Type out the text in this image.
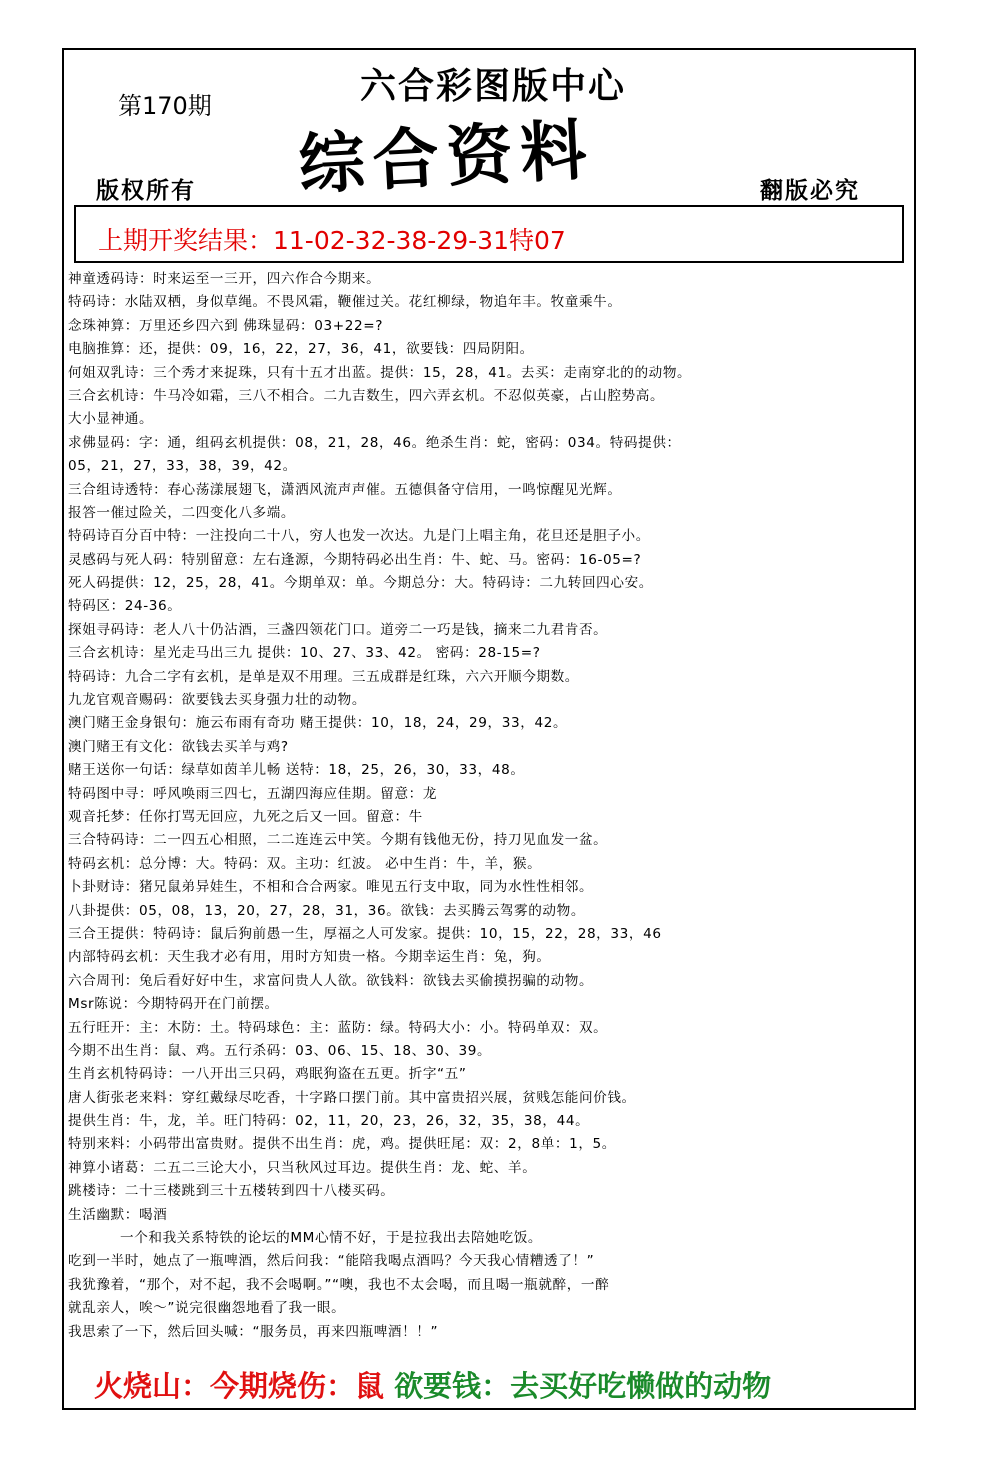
第170期	六合彩图版中心
综合资料
版权所有	翻版必究
上期开奖结果：11-02-32-38-29-31特07
神童透码诗：时来运至一三开，四六作合今期来。
特码诗：水陆双栖，身似草绳。不畏风霜，鞭催过关。花红柳绿，物追年丰。牧童乘牛。
念珠神算：万里还乡四六到 佛珠显码：03+22=?
电脑推算：还，提供：09，16，22，27，36，41，欲要钱：四局阴阳。
何姐双乳诗：三个秀才来捉珠，只有十五才出蓝。提供：15，28，41。去买：走南穿北的的动物。
三合玄机诗：牛马冷如霜，三八不相合。二九吉数生，四六弄玄机。不忍似英豪，占山腔势高。
大小显神通。
求佛显码：字：通，组码玄机提供：08，21，28，46。绝杀生肖：蛇，密码：034。特码提供：
05，21，27，33，38，39，42。
三合组诗透特：春心荡漾展翅飞，潇洒风流声声催。五德俱备守信用，一鸣惊醒见光辉。
报答一催过险关，二四变化八多端。
特码诗百分百中特：一注投向二十八，穷人也发一次达。九是门上唱主角，花旦还是胆子小。
灵感码与死人码：特别留意：左右逢源，今期特码必出生肖：牛、蛇、马。密码：16-05=?
死人码提供：12，25，28，41。今期单双：单。今期总分：大。特码诗：二九转回四心安。
特码区：24-36。
探姐寻码诗：老人八十仍沾酒，三盏四领花门口。道旁二一巧是钱，摘来二九君肯否。
三合玄机诗：星光走马出三九 提供：10、27、33、42。 密码：28-15=?
特码诗：九合二字有玄机，是单是双不用理。三五成群是红珠，六六开顺今期数。
九龙官观音赐码：欲要钱去买身强力壮的动物。
澳门赌王金身银句：施云布雨有奇功 赌王提供：10，18，24，29，33，42。
澳门赌王有文化：欲钱去买羊与鸡?
赌王送你一句话：绿草如茵羊儿畅 送特：18，25，26，30，33，48。
特码图中寻：呼风唤雨三四七，五湖四海应佳期。留意：龙
观音托梦：任你打骂无回应，九死之后又一回。留意：牛
三合特码诗：二一四五心相照，二二连连云中笑。今期有钱他无份，持刀见血发一盆。
特码玄机：总分博：大。特码：双。主功：红波。 必中生肖：牛，羊，猴。
卜卦财诗：猪兄鼠弟异娃生，不相和合合两家。唯见五行支中取，同为水性性相邻。
八卦提供：05，08，13，20，27，28，31，36。欲钱：去买腾云驾雾的动物。
三合王提供：特码诗：鼠后狗前愚一生，厚福之人可发家。提供：10，15，22，28，33，46
内部特码玄机：天生我才必有用，用时方知贵一格。今期幸运生肖：兔，狗。
六合周刊：兔后看好好中生，求富问贵人人欲。欲钱料：欲钱去买偷摸拐骗的动物。
Msr陈说：今期特码开在门前摆。
五行旺开：主：木防：土。特码球色：主：蓝防：绿。特码大小：小。特码单双：双。
今期不出生肖：鼠、鸡。五行杀码：03、06、15、18、30、39。
生肖玄机特码诗：一八开出三只码，鸡眠狗盗在五更。折字“五”
唐人街张老来料：穿红戴绿尽吃香，十字路口摆门前。其中富贵招兴展，贫贱怎能问价钱。
提供生肖：牛，龙，羊。旺门特码：02，11，20，23，26，32，35，38，44。
特别来料：小码带出富贵财。提供不出生肖：虎，鸡。提供旺尾：双：2，8单：1，5。
神算小诸葛：二五二三论大小，只当秋风过耳边。提供生肖：龙、蛇、羊。
跳楼诗：二十三楼跳到三十五楼转到四十八楼买码。
生活幽默：喝酒
一个和我关系特铁的论坛的MM心情不好，于是拉我出去陪她吃饭。
吃到一半时，她点了一瓶啤酒，然后问我：“能陪我喝点酒吗？今天我心情糟透了！”
我犹豫着，“那个，对不起，我不会喝啊。”“噢，我也不太会喝，而且喝一瓶就醉，一醉
就乱亲人，唉～”说完很幽怨地看了我一眼。
我思索了一下，然后回头喊：“服务员，再来四瓶啤酒！！”
火烧山：今期烧伤：鼠 欲要钱：去买好吃懒做的动物
